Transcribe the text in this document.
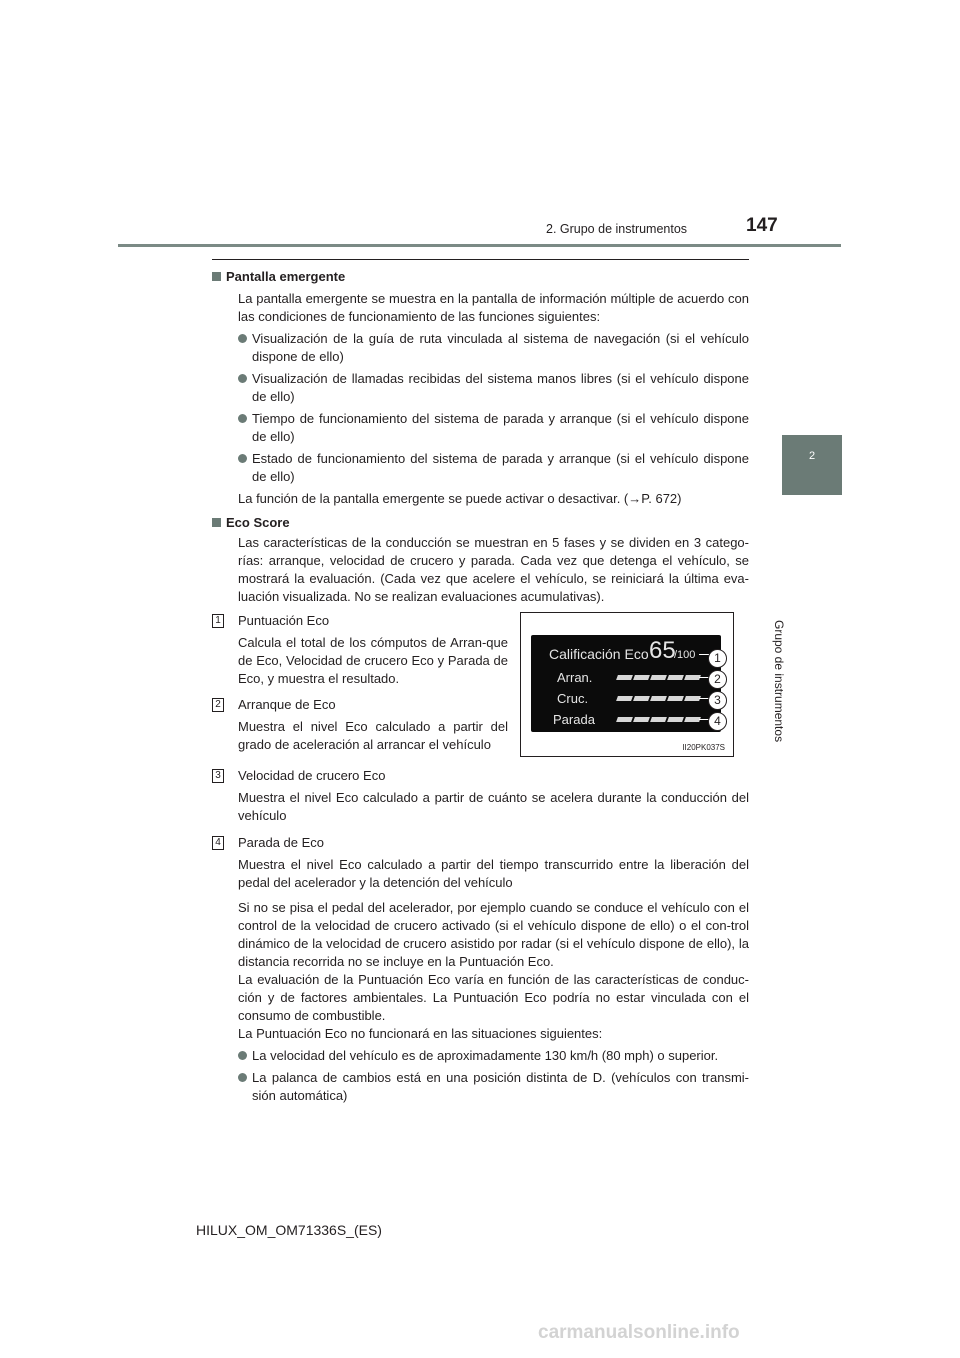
2. Grupo de instrumentos	147
2
Grupo de instrumentos
Pantalla emergente
La pantalla emergente se muestra en la pantalla de información múltiple de acuerdo con las condiciones de funcionamiento de las funciones siguientes:
Visualización de la guía de ruta vinculada al sistema de navegación (si el vehículo dispone de ello)
Visualización de llamadas recibidas del sistema manos libres (si el vehículo dispone de ello)
Tiempo de funcionamiento del sistema de parada y arranque (si el vehículo dispone de ello)
Estado de funcionamiento del sistema de parada y arranque (si el vehículo dispone de ello)
La función de la pantalla emergente se puede activar o desactivar. (→P. 672)
Eco Score
Las características de la conducción se muestran en 5 fases y se dividen en 3 catego-rías: arranque, velocidad de crucero y parada. Cada vez que detenga el vehículo, se mostrará la evaluación. (Cada vez que acelere el vehículo, se reiniciará la última eva-luación visualizada. No se realizan evaluaciones acumulativas).
1 Puntuación Eco
Calcula el total de los cómputos de Arran-que de Eco, Velocidad de crucero Eco y Parada de Eco, y muestra el resultado.
2 Arranque de Eco
Muestra el nivel Eco calculado a partir del grado de aceleración al arrancar el vehículo
Calificación Eco 65
/100
Arran.
Cruc.
Parada
1
2
3
4
II20PK037S
3 Velocidad de crucero Eco
Muestra el nivel Eco calculado a partir de cuánto se acelera durante la conducción del vehículo
4 Parada de Eco
Muestra el nivel Eco calculado a partir del tiempo transcurrido entre la liberación del pedal del acelerador y la detención del vehículo
Si no se pisa el pedal del acelerador, por ejemplo cuando se conduce el vehículo con el control de la velocidad de crucero activado (si el vehículo dispone de ello) o el con-trol dinámico de la velocidad de crucero asistido por radar (si el vehículo dispone de ello), la distancia recorrida no se incluye en la Puntuación Eco.
La evaluación de la Puntuación Eco varía en función de las características de conduc-ción y de factores ambientales. La Puntuación Eco podría no estar vinculada con el consumo de combustible.
La Puntuación Eco no funcionará en las situaciones siguientes:
La velocidad del vehículo es de aproximadamente 130 km/h (80 mph) o superior.
La palanca de cambios está en una posición distinta de D. (vehículos con transmi-sión automática)
HILUX_OM_OM71336S_(ES)
carmanualsonline.info
